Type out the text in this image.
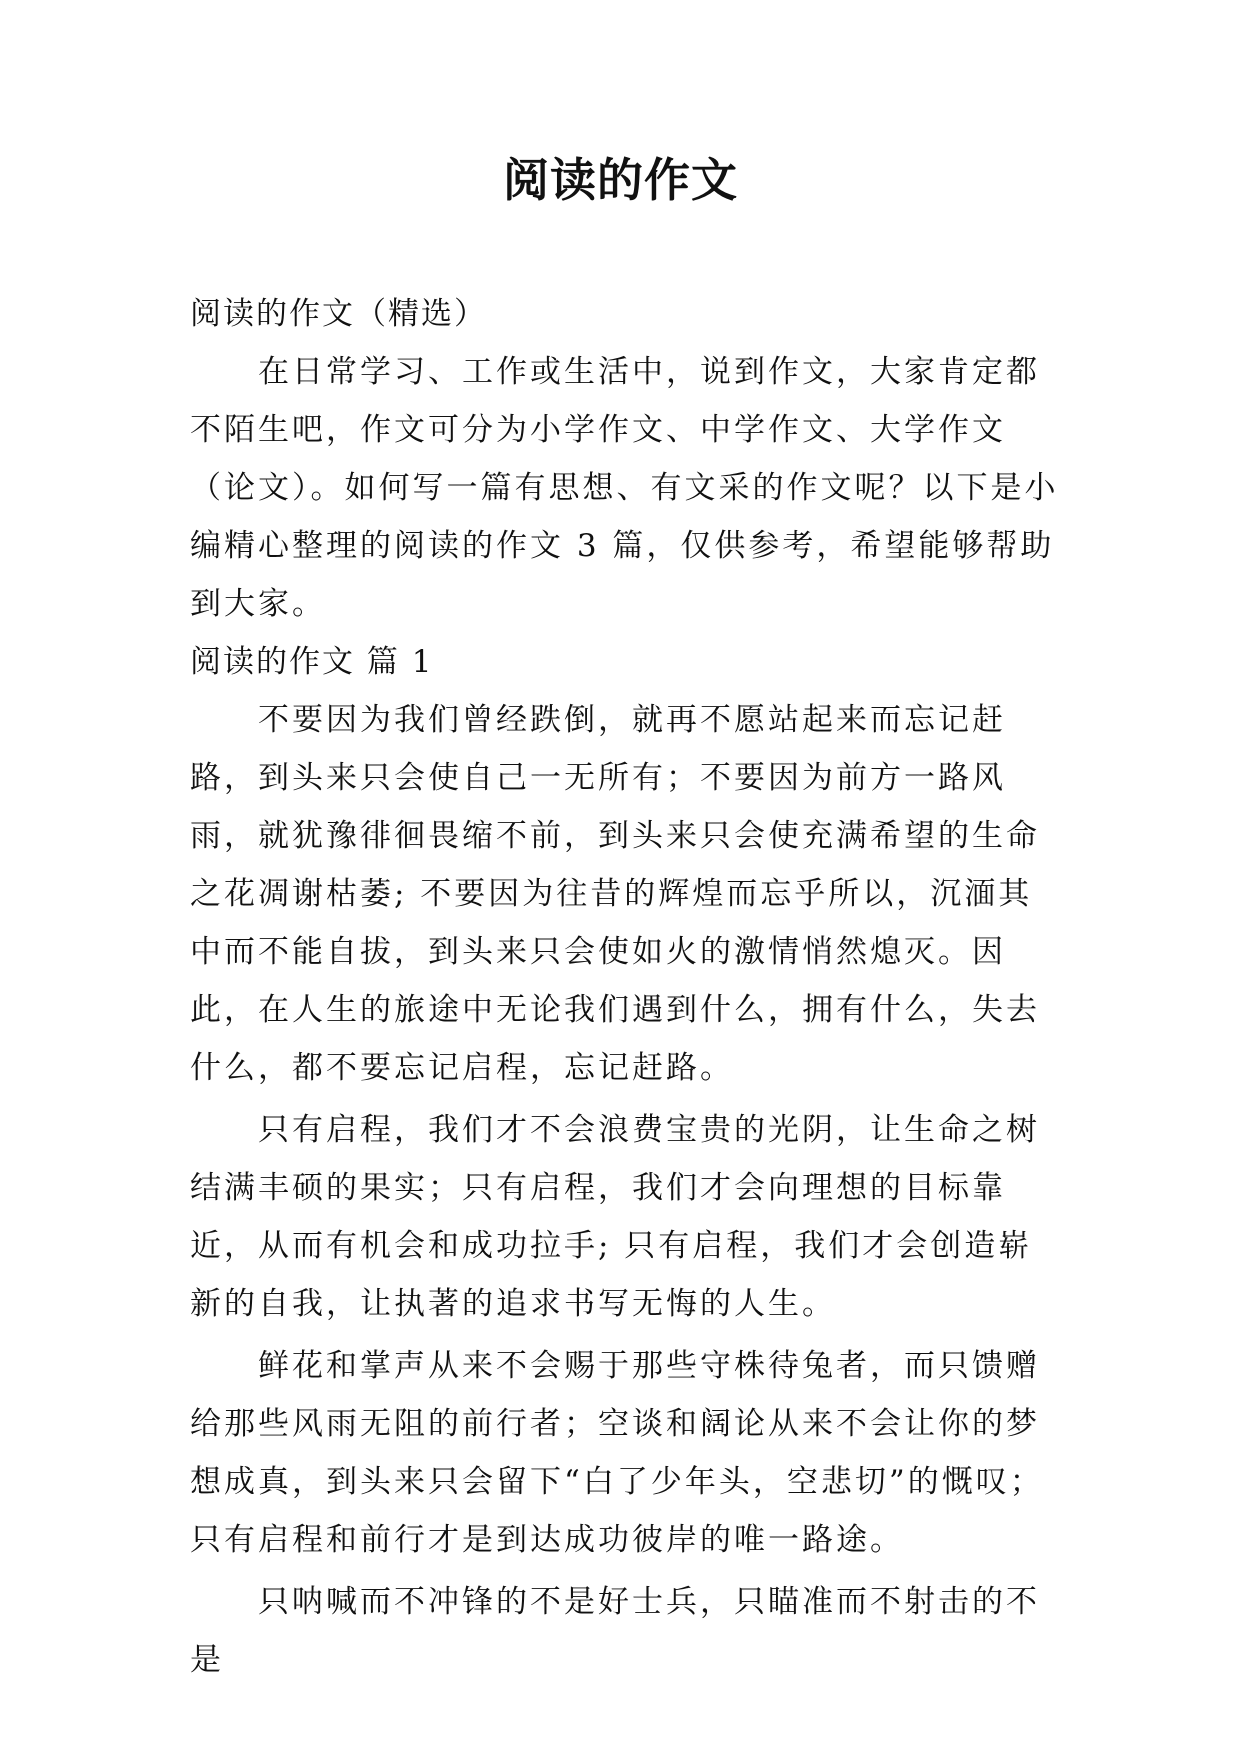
阅读的作文

阅读的作文（精选）

在日常学习、工作或生活中，说到作文，大家肯定都不陌生吧，作文可分为小学作文、中学作文、大学作文（论文）。如何写一篇有思想、有文采的作文呢？以下是小编精心整理的阅读的作文 3 篇，仅供参考，希望能够帮助到大家。

阅读的作文 篇 1

不要因为我们曾经跌倒，就再不愿站起来而忘记赶路，到头来只会使自己一无所有；不要因为前方一路风雨，就犹豫徘徊畏缩不前，到头来只会使充满希望的生命之花凋谢枯萎; 不要因为往昔的辉煌而忘乎所以，沉湎其中而不能自拔，到头来只会使如火的激情悄然熄灭。因此，在人生的旅途中无论我们遇到什么，拥有什么，失去什么，都不要忘记启程，忘记赶路。

只有启程，我们才不会浪费宝贵的光阴，让生命之树结满丰硕的果实；只有启程，我们才会向理想的目标靠近，从而有机会和成功拉手; 只有启程，我们才会创造崭新的自我，让执著的追求书写无悔的人生。

鲜花和掌声从来不会赐于那些守株待兔者，而只馈赠给那些风雨无阻的前行者；空谈和阔论从来不会让你的梦想成真，到头来只会留下“白了少年头，空悲切”的慨叹；只有启程和前行才是到达成功彼岸的唯一路途。

只呐喊而不冲锋的不是好士兵，只瞄准而不射击的不是
